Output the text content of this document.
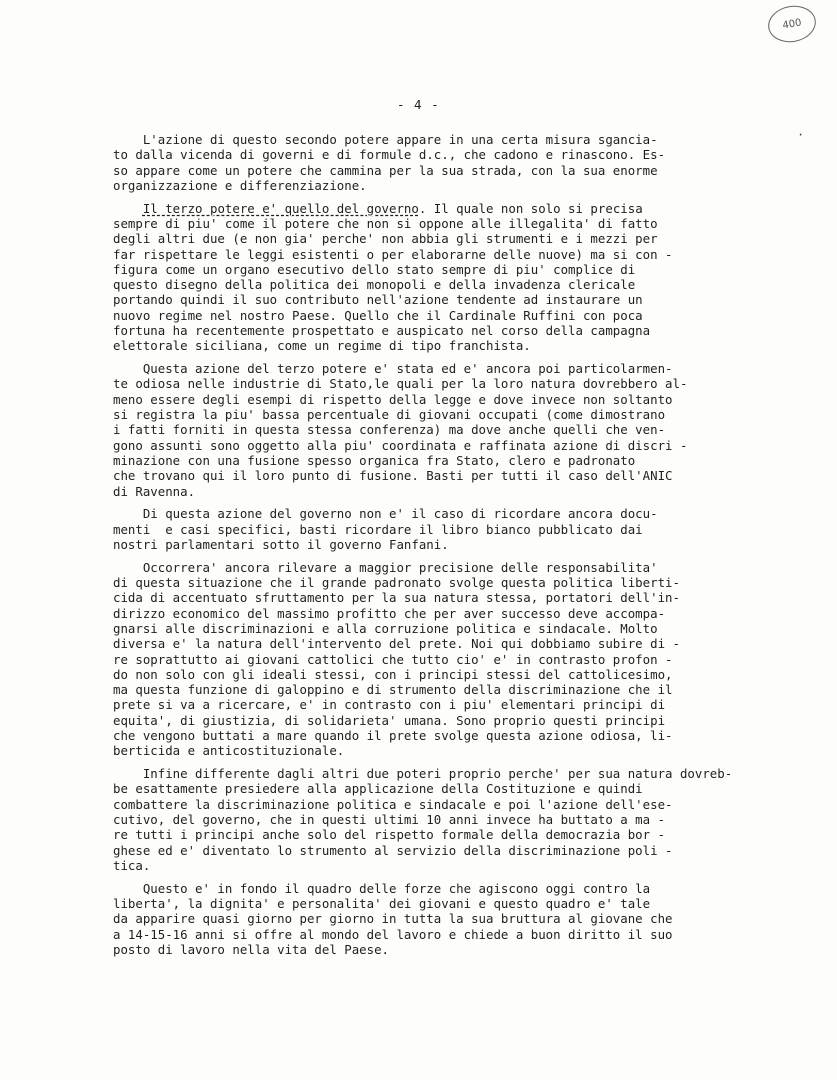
400
- 4 -
·
L'azione di questo secondo potere appare in una certa misura sgancia-
to dalla vicenda di governi e di formule d.c., che cadono e rinascono. Es-
so appare come un potere che cammina per la sua strada, con la sua enorme
organizzazione e differenziazione.
Il terzo potere e' quello del governo. Il quale non solo si precisa
sempre di piu' come il potere che non si oppone alle illegalita' di fatto
degli altri due (e non gia' perche' non abbia gli strumenti e i mezzi per
far rispettare le leggi esistenti o per elaborarne delle nuove) ma si con -
figura come un organo esecutivo dello stato sempre di piu' complice di
questo disegno della politica dei monopoli e della invadenza clericale
portando quindi il suo contributo nell'azione tendente ad instaurare un
nuovo regime nel nostro Paese. Quello che il Cardinale Ruffini con poca
fortuna ha recentemente prospettato e auspicato nel corso della campagna
elettorale siciliana, come un regime di tipo franchista.
Questa azione del terzo potere e' stata ed e' ancora poi particolarmen-
te odiosa nelle industrie di Stato,le quali per la loro natura dovrebbero al-
meno essere degli esempi di rispetto della legge e dove invece non soltanto
si registra la piu' bassa percentuale di giovani occupati (come dimostrano
i fatti forniti in questa stessa conferenza) ma dove anche quelli che ven-
gono assunti sono oggetto alla piu' coordinata e raffinata azione di discri -
minazione con una fusione spesso organica fra Stato, clero e padronato
che trovano qui il loro punto di fusione. Basti per tutti il caso dell'ANIC
di Ravenna.
Di questa azione del governo non e' il caso di ricordare ancora docu-
menti  e casi specifici, basti ricordare il libro bianco pubblicato dai
nostri parlamentari sotto il governo Fanfani.
Occorrera' ancora rilevare a maggior precisione delle responsabilita'
di questa situazione che il grande padronato svolge questa politica liberti-
cida di accentuato sfruttamento per la sua natura stessa, portatori dell'in-
dirizzo economico del massimo profitto che per aver successo deve accompa-
gnarsi alle discriminazioni e alla corruzione politica e sindacale. Molto
diversa e' la natura dell'intervento del prete. Noi qui dobbiamo subire di -
re soprattutto ai giovani cattolici che tutto cio' e' in contrasto profon -
do non solo con gli ideali stessi, con i principi stessi del cattolicesimo,
ma questa funzione di galoppino e di strumento della discriminazione che il
prete si va a ricercare, e' in contrasto con i piu' elementari principi di
equita', di giustizia, di solidarieta' umana. Sono proprio questi principi
che vengono buttati a mare quando il prete svolge questa azione odiosa, li-
berticida e anticostituzionale.
Infine differente dagli altri due poteri proprio perche' per sua natura dovreb-
be esattamente presiedere alla applicazione della Costituzione e quindi
combattere la discriminazione politica e sindacale e poi l'azione dell'ese-
cutivo, del governo, che in questi ultimi 10 anni invece ha buttato a ma -
re tutti i principi anche solo del rispetto formale della democrazia bor -
ghese ed e' diventato lo strumento al servizio della discriminazione poli -
tica.
Questo e' in fondo il quadro delle forze che agiscono oggi contro la
liberta', la dignita' e personalita' dei giovani e questo quadro e' tale
da apparire quasi giorno per giorno in tutta la sua bruttura al giovane che
a 14-15-16 anni si offre al mondo del lavoro e chiede a buon diritto il suo
posto di lavoro nella vita del Paese.
